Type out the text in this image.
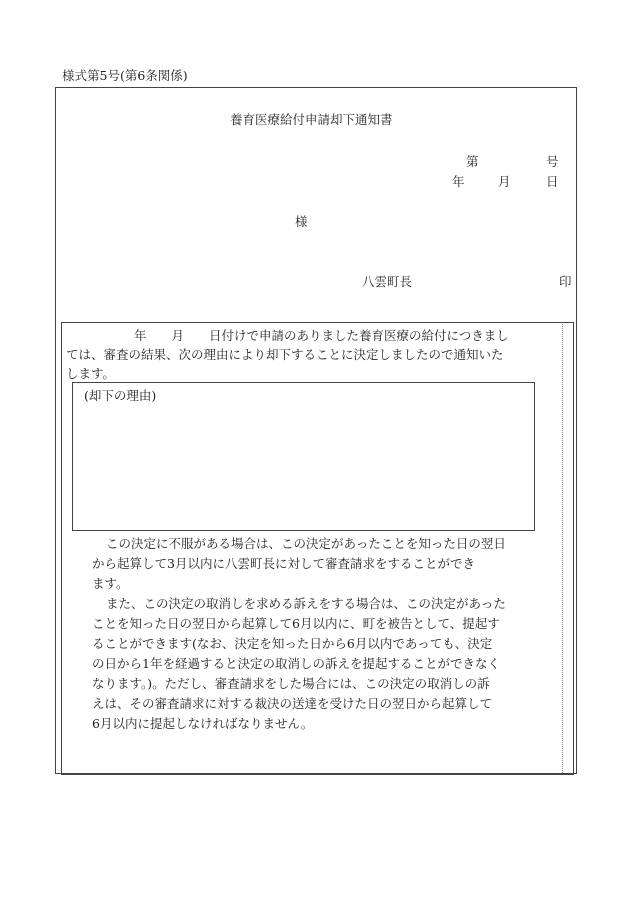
様式第5号(第6条関係)
養育医療給付申請却下通知書
第	号
年	月	日
様
八雲町長	印
年　　月　　日付けで申請のありました養育医療の給付につきまし
ては、審査の結果、次の理由により却下することに決定しましたので通知いた
します。
(却下の理由)
この決定に不服がある場合は、この決定があったことを知った日の翌日
から起算して3月以内に八雲町長に対して審査請求をすることができ
ます。
また、この決定の取消しを求める訴えをする場合は、この決定があった
ことを知った日の翌日から起算して6月以内に、町を被告として、提起す
ることができます(なお、決定を知った日から6月以内であっても、決定
の日から1年を経過すると決定の取消しの訴えを提起することができなく
なります。)。ただし、審査請求をした場合には、この決定の取消しの訴
えは、その審査請求に対する裁決の送達を受けた日の翌日から起算して
6月以内に提起しなければなりません。
